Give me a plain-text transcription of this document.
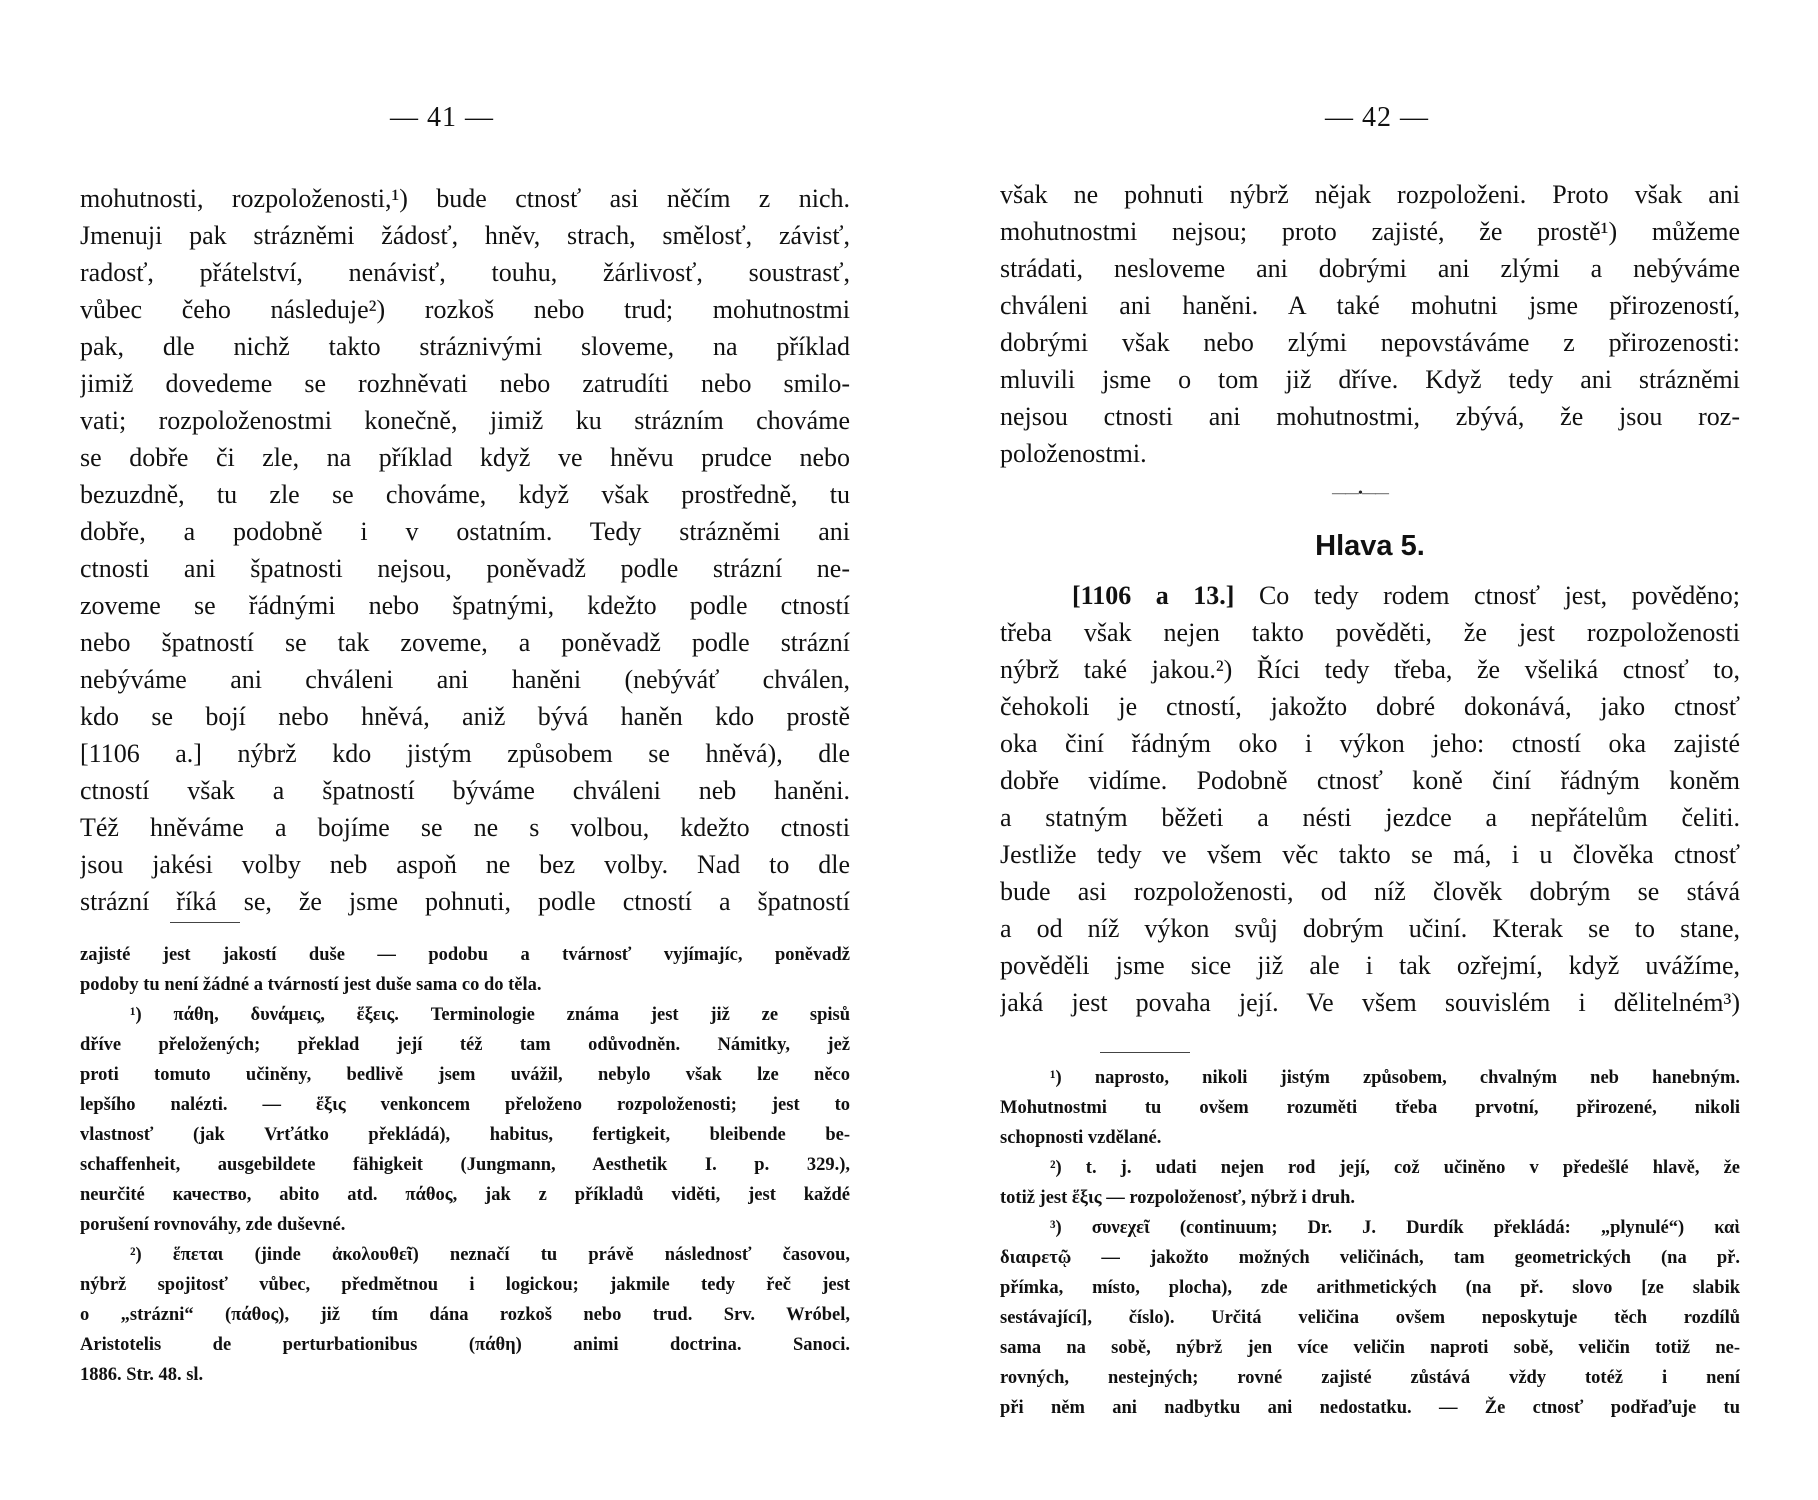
— 41 —
mohutnosti, rozpoloženosti,¹) bude ctnosť asi něčím z nich.
Jmenuji pak strázněmi žádosť, hněv, strach, smělosť, závisť,
radosť, přátelství, nenávisť, touhu, žárlivosť, soustrasť,
vůbec čeho následuje²) rozkoš nebo trud; mohutnostmi
pak, dle nichž takto strázniv‎ými sloveme, na příklad
jimiž dovedeme se rozhněvati nebo zatrudíti nebo smilo-
vati; rozpoloženostmi konečně, jimiž ku strázním chováme
se dobře či zle, na příklad když ve hněvu prudce nebo
bezuzdně, tu zle se chováme, když však prostředně, tu
dobře, a podobně i v ostatním. Tedy strázněmi ani
ctnosti ani špatnosti nejsou, poněvadž podle strázní ne-
zoveme se řádnými nebo špatnými, kdežto podle ctností
nebo špatností se tak zoveme, a poněvadž podle strázní
nebýváme ani chváleni ani haněni (nebýváť chválen,
kdo se bojí nebo hněvá, aniž bývá haněn kdo prostě
[1106 a.] nýbrž kdo jistým způsobem se hněvá), dle
ctností však a špatností býváme chváleni neb haněni.
Též hněváme a bojíme se ne s volbou, kdežto ctnosti
jsou jakési volby neb aspoň ne bez volby. Nad to dle
strázní říká se, že jsme pohnuti, podle ctností a špatností
zajisté jest jakostí duše — podobu a tvárnosť vyjímajíc, poněvadž
podoby tu není žádné a tvárností jest duše sama co do těla.
¹) πάθη, δυνάμεις, ἕξεις. Terminologie známa jest již ze spisů
dříve přeložených; překlad její též tam odůvodněn. Námitky, jež
proti tomuto učiněny, bedlivě jsem uvážil, nebylo však lze něco
lepšího nalézti. — ἕξις venkoncem přeloženo rozpoloženosti; jest to
vlastnosť (jak Vrťátko překládá), habitus, fertigkeit, bleibende be-
schaffenheit, ausgebildete fähigkeit (Jungmann, Aesthetik I. p. 329.),
neurčité качество, abito atd. πάθος, jak z příkladů viděti, jest každé
porušení rovnováhy, zde duševné.
²) ἕπεται (jinde ἀκολουθεῖ) neznačí tu právě následnosť časovou,
nýbrž spojitosť vůbec, předmětnou i logickou; jakmile tedy řeč jest
o „strázni“ (πάθος), již tím dána rozkoš nebo trud. Srv. Wróbel,
Aristotelis de perturbationibus (πάθη) animi doctrina. Sanoci.
1886. Str. 48. sl.
— 42 —
však ne pohnuti nýbrž nějak rozpoloženi. Proto však ani
mohutnostmi nejsou; proto zajisté, že prostě¹) můžeme
strádati, nesloveme ani dobrými ani zlými a nebýváme
chváleni ani haněni. A také mohutni jsme přirozeností,
dobrými však nebo zlými nepovstáváme z přirozenosti:
mluvili jsme o tom již dříve. Když tedy ani strázněmi
nejsou ctnosti ani mohutnostmi, zbývá, že jsou roz-
položenostmi.
——•——
Hlava 5.
[1106 a 13.] Co tedy rodem ctnosť jest, pověděno;
třeba však nejen takto pověděti, že jest rozpoloženosti
nýbrž také jakou.²) Říci tedy třeba, že všeliká ctnosť to,
čehokoli je ctností, jakožto dobré dokonává, jako ctnosť
oka činí řádným oko i výkon jeho: ctností oka zajisté
dobře vidíme. Podobně ctnosť koně činí řádným koněm
a statným běžeti a nésti jezdce a nepřátelům čeliti.
Jestliže tedy ve všem věc takto se má, i u člověka ctnosť
bude asi rozpoloženosti, od níž člověk dobrým se stává
a od níž výkon svůj dobrým učiní. Kterak se to stane,
pověděli jsme sice již ale i tak ozřejmí, když uvážíme,
jaká jest povaha její. Ve všem souvislém i dělitelném³)
¹) naprosto, nikoli jistým způsobem, chvalným neb hanebným.
Mohutnostmi tu ovšem rozuměti třeba prvotní, přirozené, nikoli
schopnosti vzdělané.
²) t. j. udati nejen rod její, což učiněno v předešlé hlavě, že
totiž jest ἕξις — rozpoloženosť, nýbrž i druh.
³) συνεχεῖ (continuum; Dr. J. Durdík překládá: „plynulé“) καὶ
διαιρετῷ — jakožto možných veličinách, tam geometrických (na př.
přímka, místo, plocha), zde arithmetických (na př. slovo [ze slabik
sestávající], číslo). Určitá veličina ovšem neposkytuje těch rozdílů
sama na sobě, nýbrž jen více veličin naproti sobě, veličin totiž ne-
rovných, nestejných; rovné zajisté zůstává vždy totéž i není
při něm ani nadbytku ani nedostatku. — Že ctnosť podřaďuje tu
